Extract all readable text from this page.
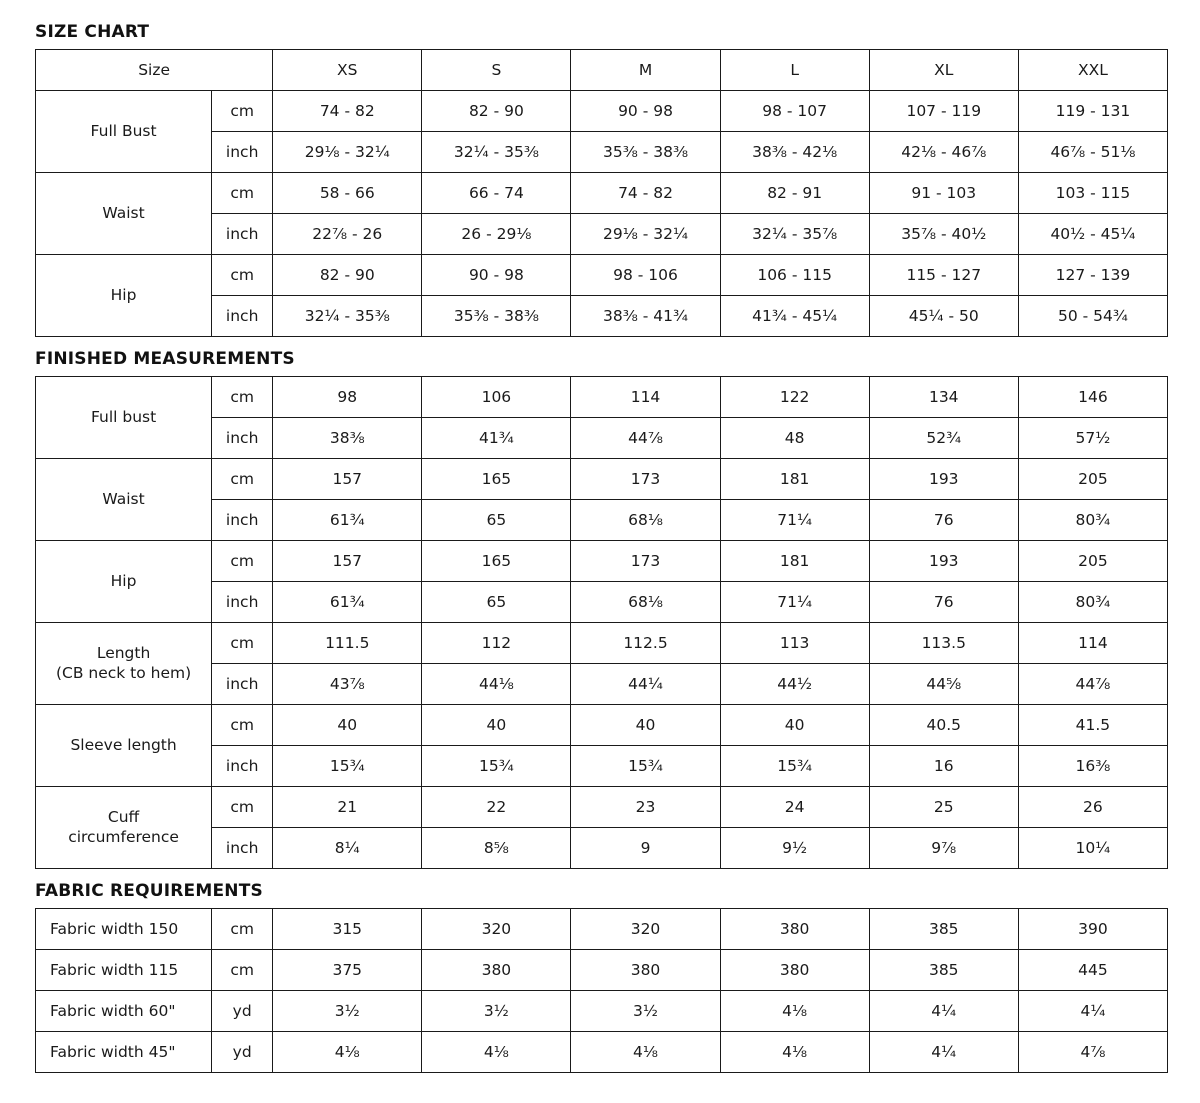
SIZE CHART
Size		XS	S	M	L	XL	XXL
Full Bust	cm	74 - 82	82 - 90	90 - 98	98 - 107	107 - 119	119 - 131
	inch	29⅛ - 32¼	32¼ - 35⅜	35⅜ - 38⅜	38⅜ - 42⅛	42⅛ - 46⅞	46⅞ - 51⅛
Waist	cm	58 - 66	66 - 74	74 - 82	82 - 91	91 - 103	103 - 115
	inch	22⅞ - 26	26 - 29⅛	29⅛ - 32¼	32¼ - 35⅞	35⅞ - 40½	40½ - 45¼
Hip	cm	82 - 90	90 - 98	98 - 106	106 - 115	115 - 127	127 - 139
	inch	32¼ - 35⅜	35⅜ - 38⅜	38⅜ - 41¾	41¾ - 45¼	45¼ - 50	50 - 54¾
FINISHED MEASUREMENTS
Full bust	cm	98	106	114	122	134	146
	inch	38⅜	41¾	44⅞	48	52¾	57½
Waist	cm	157	165	173	181	193	205
	inch	61¾	65	68⅛	71¼	76	80¾
Hip	cm	157	165	173	181	193	205
	inch	61¾	65	68⅛	71¼	76	80¾

Length
(CB neck to hem)	cm	111.5	112	112.5	113	113.5	114
	inch	43⅞	44⅛	44¼	44½	44⅝	44⅞
Sleeve length	cm	40	40	40	40	40.5	41.5
	inch	15¾	15¾	15¾	15¾	16	16⅜

Cuff
circumference	cm	21	22	23	24	25	26
	inch	8¼	8⅝	9	9½	9⅞	10¼
FABRIC REQUIREMENTS
Fabric width 150	cm	315	320	320	380	385	390
Fabric width 115	cm	375	380	380	380	385	445
Fabric width 60"	yd	3½	3½	3½	4⅛	4¼	4¼
Fabric width 45"	yd	4⅛	4⅛	4⅛	4⅛	4¼	4⅞
